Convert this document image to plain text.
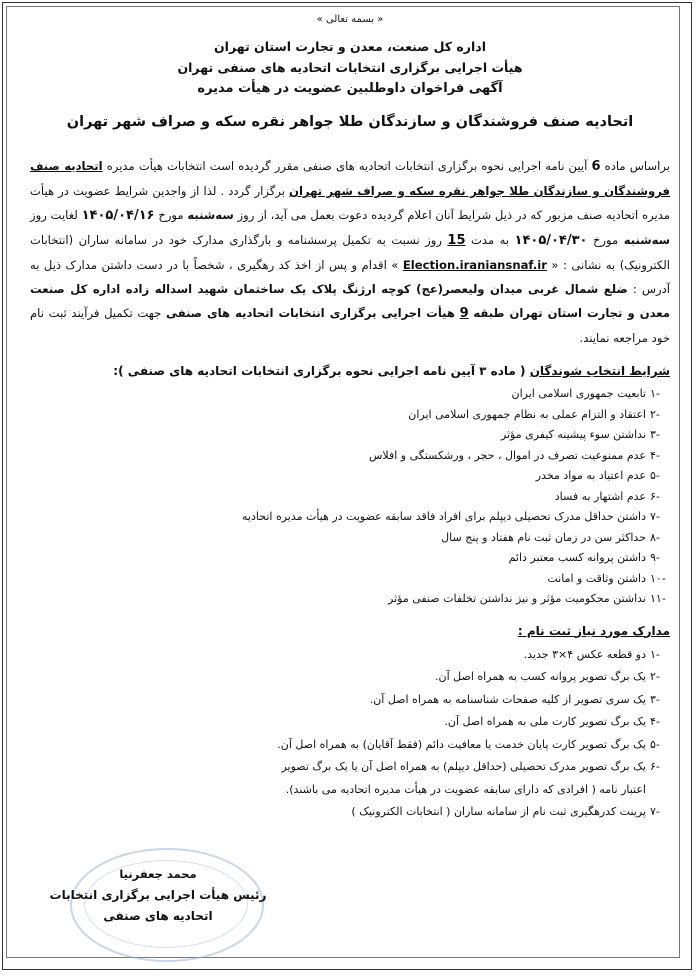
« بسمه تعالی »
اداره کل صنعت، معدن و تجارت استان تهران
هیأت اجرایی برگزاری انتخابات اتحادیه های صنفی تهران
آگهی فراخوان داوطلبین عضویت در هیأت مدیره
اتحادیه صنف فروشندگان و سازندگان طلا جواهر نقره سکه و صراف شهر تهران
براساس ماده 6 آیین نامه اجرایی نحوه برگزاری انتخابات اتحادیه های صنفی مقرر گردیده است انتخابات هیأت مدیره اتحادیه صنف فروشندگان و سازندگان طلا جواهر نقره سکه و صراف شهر تهران برگزار گردد . لذا از واجدین شرایط عضویت در هیأت مدیره اتحادیه صنف مزبور که در ذیل شرایط آنان اعلام گردیده دعوت بعمل می آید، از روز سه‌شنبه مورخ ۱۴۰۵/۰۴/۱۶ لغایت روز سه‌شنبه مورخ ۱۴۰۵/۰۴/۳۰ به مدت 15 روز نسبت به تکمیل پرسشنامه و بارگذاری مدارک خود در سامانه ساران (انتخابات الکترونیک) به نشانی : « Election.iraniansnaf.ir » اقدام و پس از اخذ کد رهگیری ، شخصاً با در دست داشتن مدارک ذیل به آدرس : ضلع شمال غربی میدان ولیعصر(عج) کوچه ارژنگ پلاک یک ساختمان شهید اسداله زاده اداره کل صنعت معدن و تجارت استان تهران طبقه 9 هیأت اجرایی برگزاری انتخابات اتحادیه های صنفی جهت تکمیل فرآیند ثبت نام خود مراجعه نمایند.
شرایط انتخاب شوندگان ( ماده ۳ آیین نامه اجرایی نحوه برگزاری انتخابات اتحادیه های صنفی ):
-۱
تابعیت جمهوری اسلامی ایران
-۲
اعتقاد و التزام عملی به نظام جمهوری اسلامی ایران
-۳
نداشتن سوء پیشینه کیفری مؤثر
-۴
عدم ممنوعیت تصرف در اموال ، حجر ، ورشکستگی و افلاس
-۵
عدم اعتیاد به مواد مخدر
-۶
عدم اشتهار به فساد
-۷
داشتن حداقل مدرک تحصیلی دیپلم برای افراد فاقد سابقه عضویت در هیأت مدیره اتحادیه
-۸
حداکثر سن در زمان ثبت نام هفتاد و پنج سال
-۹
داشتن پروانه کسب معتبر دائم
-۱۰
داشتن وثاقت و امانت
-۱۱
نداشتن محکومیت مؤثر و نیز نداشتن تخلفات صنفی مؤثر
مدارک مورد نیاز ثبت نام :
-۱
دو قطعه عکس ۴×۳ جدید.
-۲
یک برگ تصویر پروانه کسب به همراه اصل آن.
-۳
یک سری تصویر از کلیه صفحات شناسنامه به همراه اصل آن.
-۴
یک برگ تصویر کارت ملی به همراه اصل آن.
-۵
یک برگ تصویر کارت پایان خدمت یا معافیت دائم (فقط آقایان) به همراه اصل آن.
-۶
یک برگ تصویر مدرک تحصیلی (حداقل دیپلم) به همراه اصل آن یا یک برگ تصویر اعتبار نامه ( افرادی که دارای سابقه عضویت در هیأت مدیره اتحادیه می باشند).
-۷
پرینت کدرهگیری ثبت نام از سامانه ساران ( انتخابات الکترونیک )
محمد جعفرنیا
رئیس هیأت اجرایی برگزاری انتخابات
اتحادیه های صنفی
